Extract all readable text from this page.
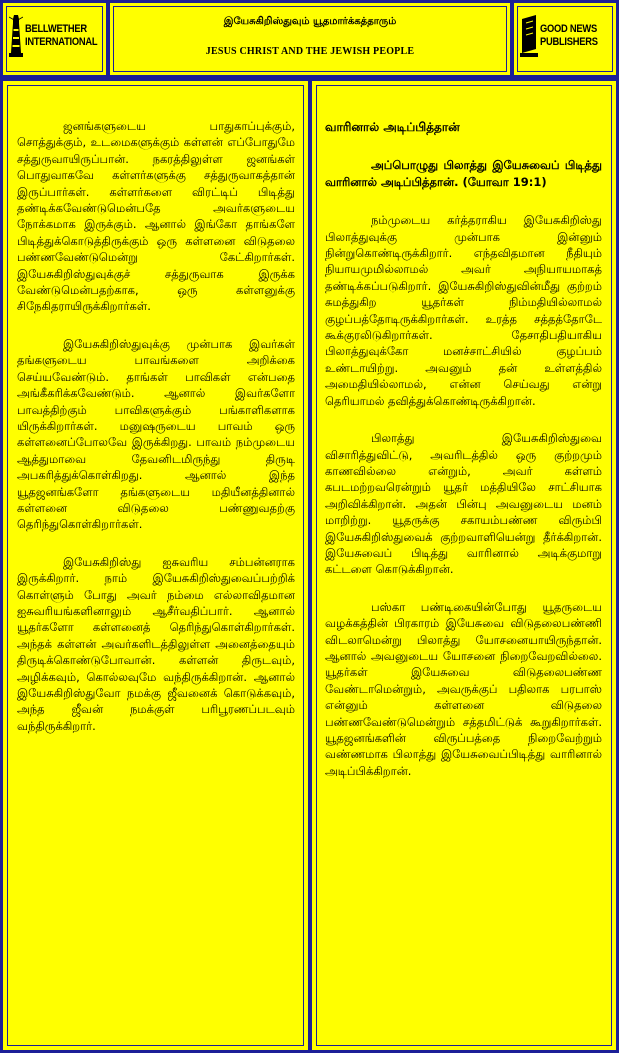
BELLWETHER
INTERNATIONAL
இயேசுகிறிஸ்துவும் யூதமார்க்கத்தாரும்
JESUS CHRIST AND THE JEWISH PEOPLE
GOOD NEWS
PUBLISHERS

ஜனங்களுடைய பாதுகாப்புக்கும், சொத்துக்கும், உடமைகளுக்கும் கள்ளன் எப்போதுமே சத்துருவாயிருப்பான். நகரத்திலுள்ள ஜனங்கள் பொதுவாகவே கள்ளர்களுக்கு சத்துருவாகத்தான் இருப்பார்கள். கள்ளர்களை விரட்டிப் பிடித்து தண்டிக்கவேண்டுமென்பதே அவர்களுடைய நோக்கமாக இருக்கும். ஆனால் இங்கோ தாங்களே பிடித்துக்கொடுத்திருக்கும் ஒரு கள்ளனை விடுதலை பண்ணவேண்டுமென்று கேட்கிறார்கள். இயேசுகிறிஸ்துவுக்குச் சத்துருவாக இருக்க வேண்டுமென்பதற்காக, ஒரு கள்ளனுக்கு சிநேகிதராயிருக்கிறார்கள்.

இயேசுகிறிஸ்துவுக்கு முன்பாக இவர்கள் தங்களுடைய பாவங்களை அறிக்கை செய்யவேண்டும். தாங்கள் பாவிகள் என்பதை அங்கீகரிக்கவேண்டும். ஆனால் இவர்களோ பாவத்திற்கும் பாவிகளுக்கும் பங்காளிகளாக யிருக்கிறார்கள். மனுஷருடைய பாவம் ஒரு கள்ளனைப்போலவே இருக்கிறது. பாவம் நம்முடைய ஆத்துமாவை தேவனிடமிருந்து திருடி அபகரித்துக்கொள்கிறது. ஆனால் இந்த யூதஜனங்களோ தங்களுடைய மதியீனத்தினால் கள்ளனை விடுதலை பண்ணுவதற்கு தெரிந்துகொள்கிறார்கள்.

இயேசுகிறிஸ்து ஐசுவரிய சம்பன்னராக இருக்கிறார். நாம் இயேசுகிறிஸ்துவைப்பற்றிக் கொள்ளும் போது அவர் நம்மை எல்லாவிதமான ஐசுவரியங்களினாலும் ஆசீர்வதிப்பார். ஆனால் யூதர்களோ கள்ளனைத் தெரிந்துகொள்கிறார்கள். அந்தக் கள்ளன் அவர்களிடத்திலுள்ள அனைத்தையும் திருடிக்கொண்டுபோவான். கள்ளன் திருடவும், அழிக்கவும், கொல்லவுமே வந்திருக்கிறான். ஆனால் இயேசுகிறிஸ்துவோ நமக்கு ஜீவனைக் கொடுக்கவும், அந்த ஜீவன் நமக்குள் பரிபூரணப்படவும் வந்திருக்கிறார்.

வாரினால் அடிப்பித்தான்
அப்பொழுது பிலாத்து இயேசுவைப் பிடித்து வாரினால் அடிப்பித்தான். (யோவா 19:1)

நம்முடைய கர்த்தராகிய இயேசுகிறிஸ்து பிலாத்துவுக்கு முன்பாக இன்னும் நின்றுகொண்டிருக்கிறார். எந்தவிதமான நீதியும் நியாயமுமில்லாமல் அவர் அநியாயமாகத் தண்டிக்கப்படுகிறார். இயேசுகிறிஸ்துவின்மீது குற்றம் சுமத்துகிற யூதர்கள் நிம்மதியில்லாமல் குழப்பத்தோடிருக்கிறார்கள். உரத்த சத்தத்தோடே கூக்குரலிடுகிறார்கள். தேசாதிபதியாகிய பிலாத்துவுக்கோ மனச்சாட்சியில் குழப்பம் உண்டாயிற்று. அவனும் தன் உள்ளத்தில் அமைதியில்லாமல், என்ன செய்வது என்று தெரியாமல் தவித்துக்கொண்டிருக்கிறான்.

பிலாத்து இயேசுகிறிஸ்துவை விசாரித்துவிட்டு, அவரிடத்தில் ஒரு குற்றமும் காணவில்லை என்றும், அவர் கள்ளம் கபடமற்றவரென்றும் யூதர் மத்தியிலே சாட்சியாக அறிவிக்கிறான். அதன் பின்பு அவனுடைய மனம் மாறிற்று. யூதருக்கு சகாயம்பண்ண விரும்பி இயேசுகிறிஸ்துவைக் குற்றவாளியென்று தீர்க்கிறான். இயேசுவைப் பிடித்து வாரினால் அடிக்குமாறு கட்டளை கொடுக்கிறான்.

பஸ்கா பண்டிகையின்போது யூதருடைய வழக்கத்தின் பிரகாரம் இயேசுவை விடுதலைபண்ணி விடலாமென்று பிலாத்து யோசனையாயிருந்தான். ஆனால் அவனுடைய யோசனை நிறைவேறவில்லை. யூதர்கள் இயேசுவை விடுதலைபண்ண வேண்டாமென்றும், அவருக்குப் பதிலாக பரபாஸ் என்னும் கள்ளனை விடுதலை பண்ணவேண்டுமென்றும் சத்தமிட்டுக் கூறுகிறார்கள். யூதஜனங்களின் விருப்பத்தை நிறைவேற்றும் வண்ணமாக பிலாத்து இயேசுவைப்பிடித்து வாரினால் அடிப்பிக்கிறான்.
